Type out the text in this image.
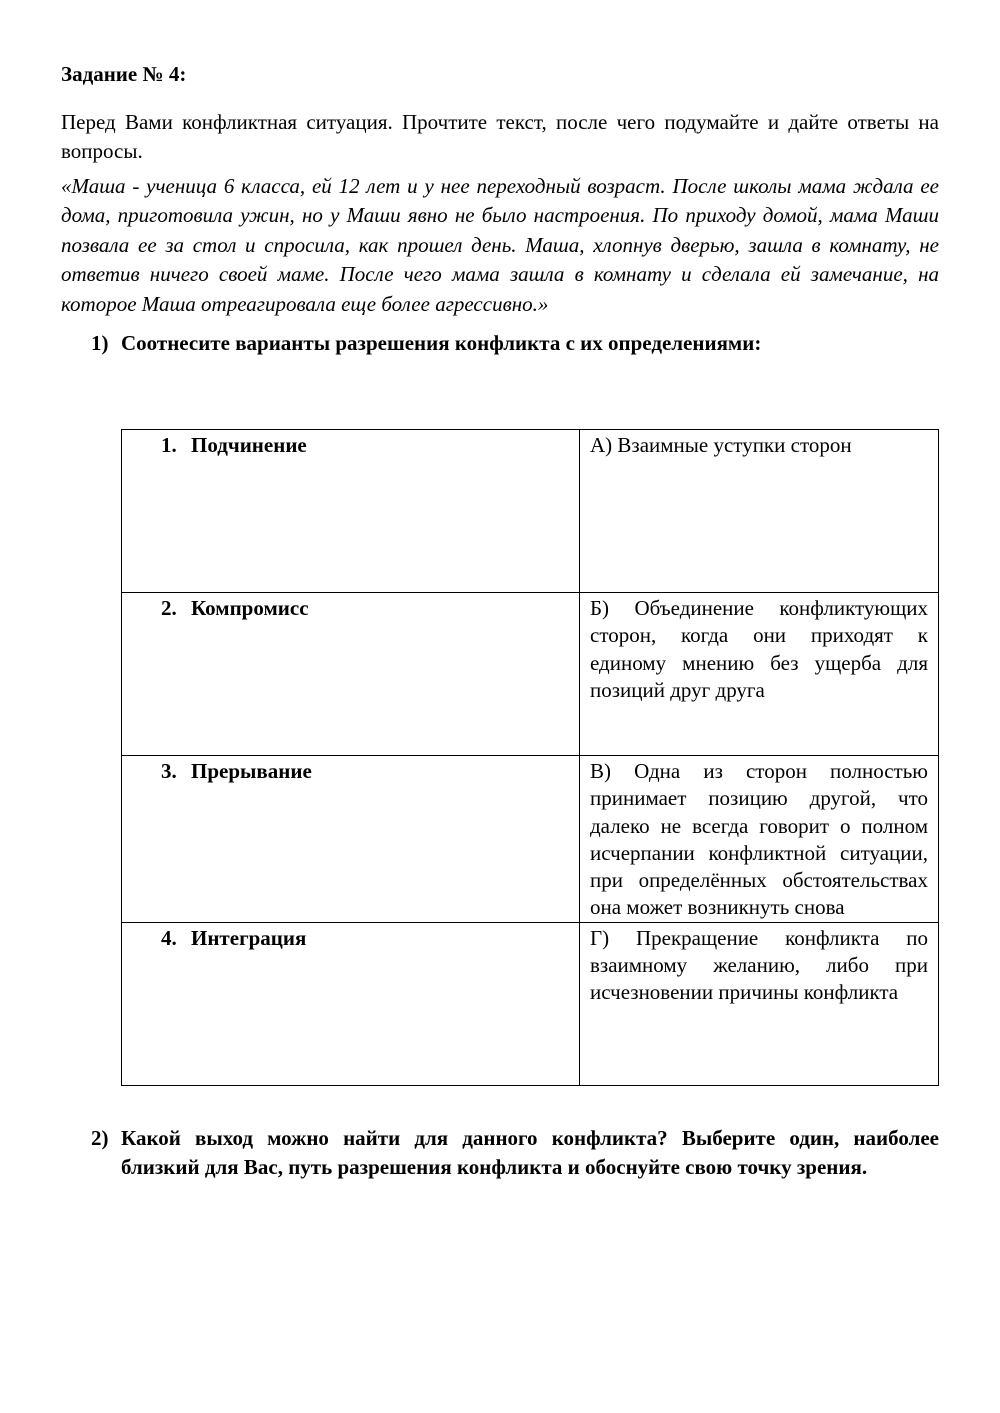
Задание № 4:

Перед Вами конфликтная ситуация. Прочтите текст, после чего подумайте и дайте ответы на вопросы.

«Маша - ученица 6 класса, ей 12 лет и у нее переходный возраст. После школы мама ждала ее дома, приготовила ужин, но у Маши явно не было настроения. По приходу домой, мама Маши позвала ее за стол и спросила, как прошел день. Маша, хлопнув дверью, зашла в комнату, не ответив ничего своей маме. После чего мама зашла в комнату и сделала ей замечание, на которое Маша отреагировала еще более агрессивно.»

1) Соотнесите варианты разрешения конфликта с их определениями:
1. Подчинение	А) Взаимные уступки сторон
2. Компромисс	Б) Объединение конфликтующих сторон, когда они приходят к единому мнению без ущерба для позиций друг друга
3. Прерывание	В) Одна из сторон полностью принимает позицию другой, что далеко не всегда говорит о полном исчерпании конфликтной ситуации, при определённых обстоятельствах она может возникнуть снова
4. Интеграция	Г) Прекращение конфликта по взаимному желанию, либо при исчезновении причины конфликта
2) Какой выход можно найти для данного конфликта? Выберите один, наиболее близкий для Вас, путь разрешения конфликта и обоснуйте свою точку зрения.
